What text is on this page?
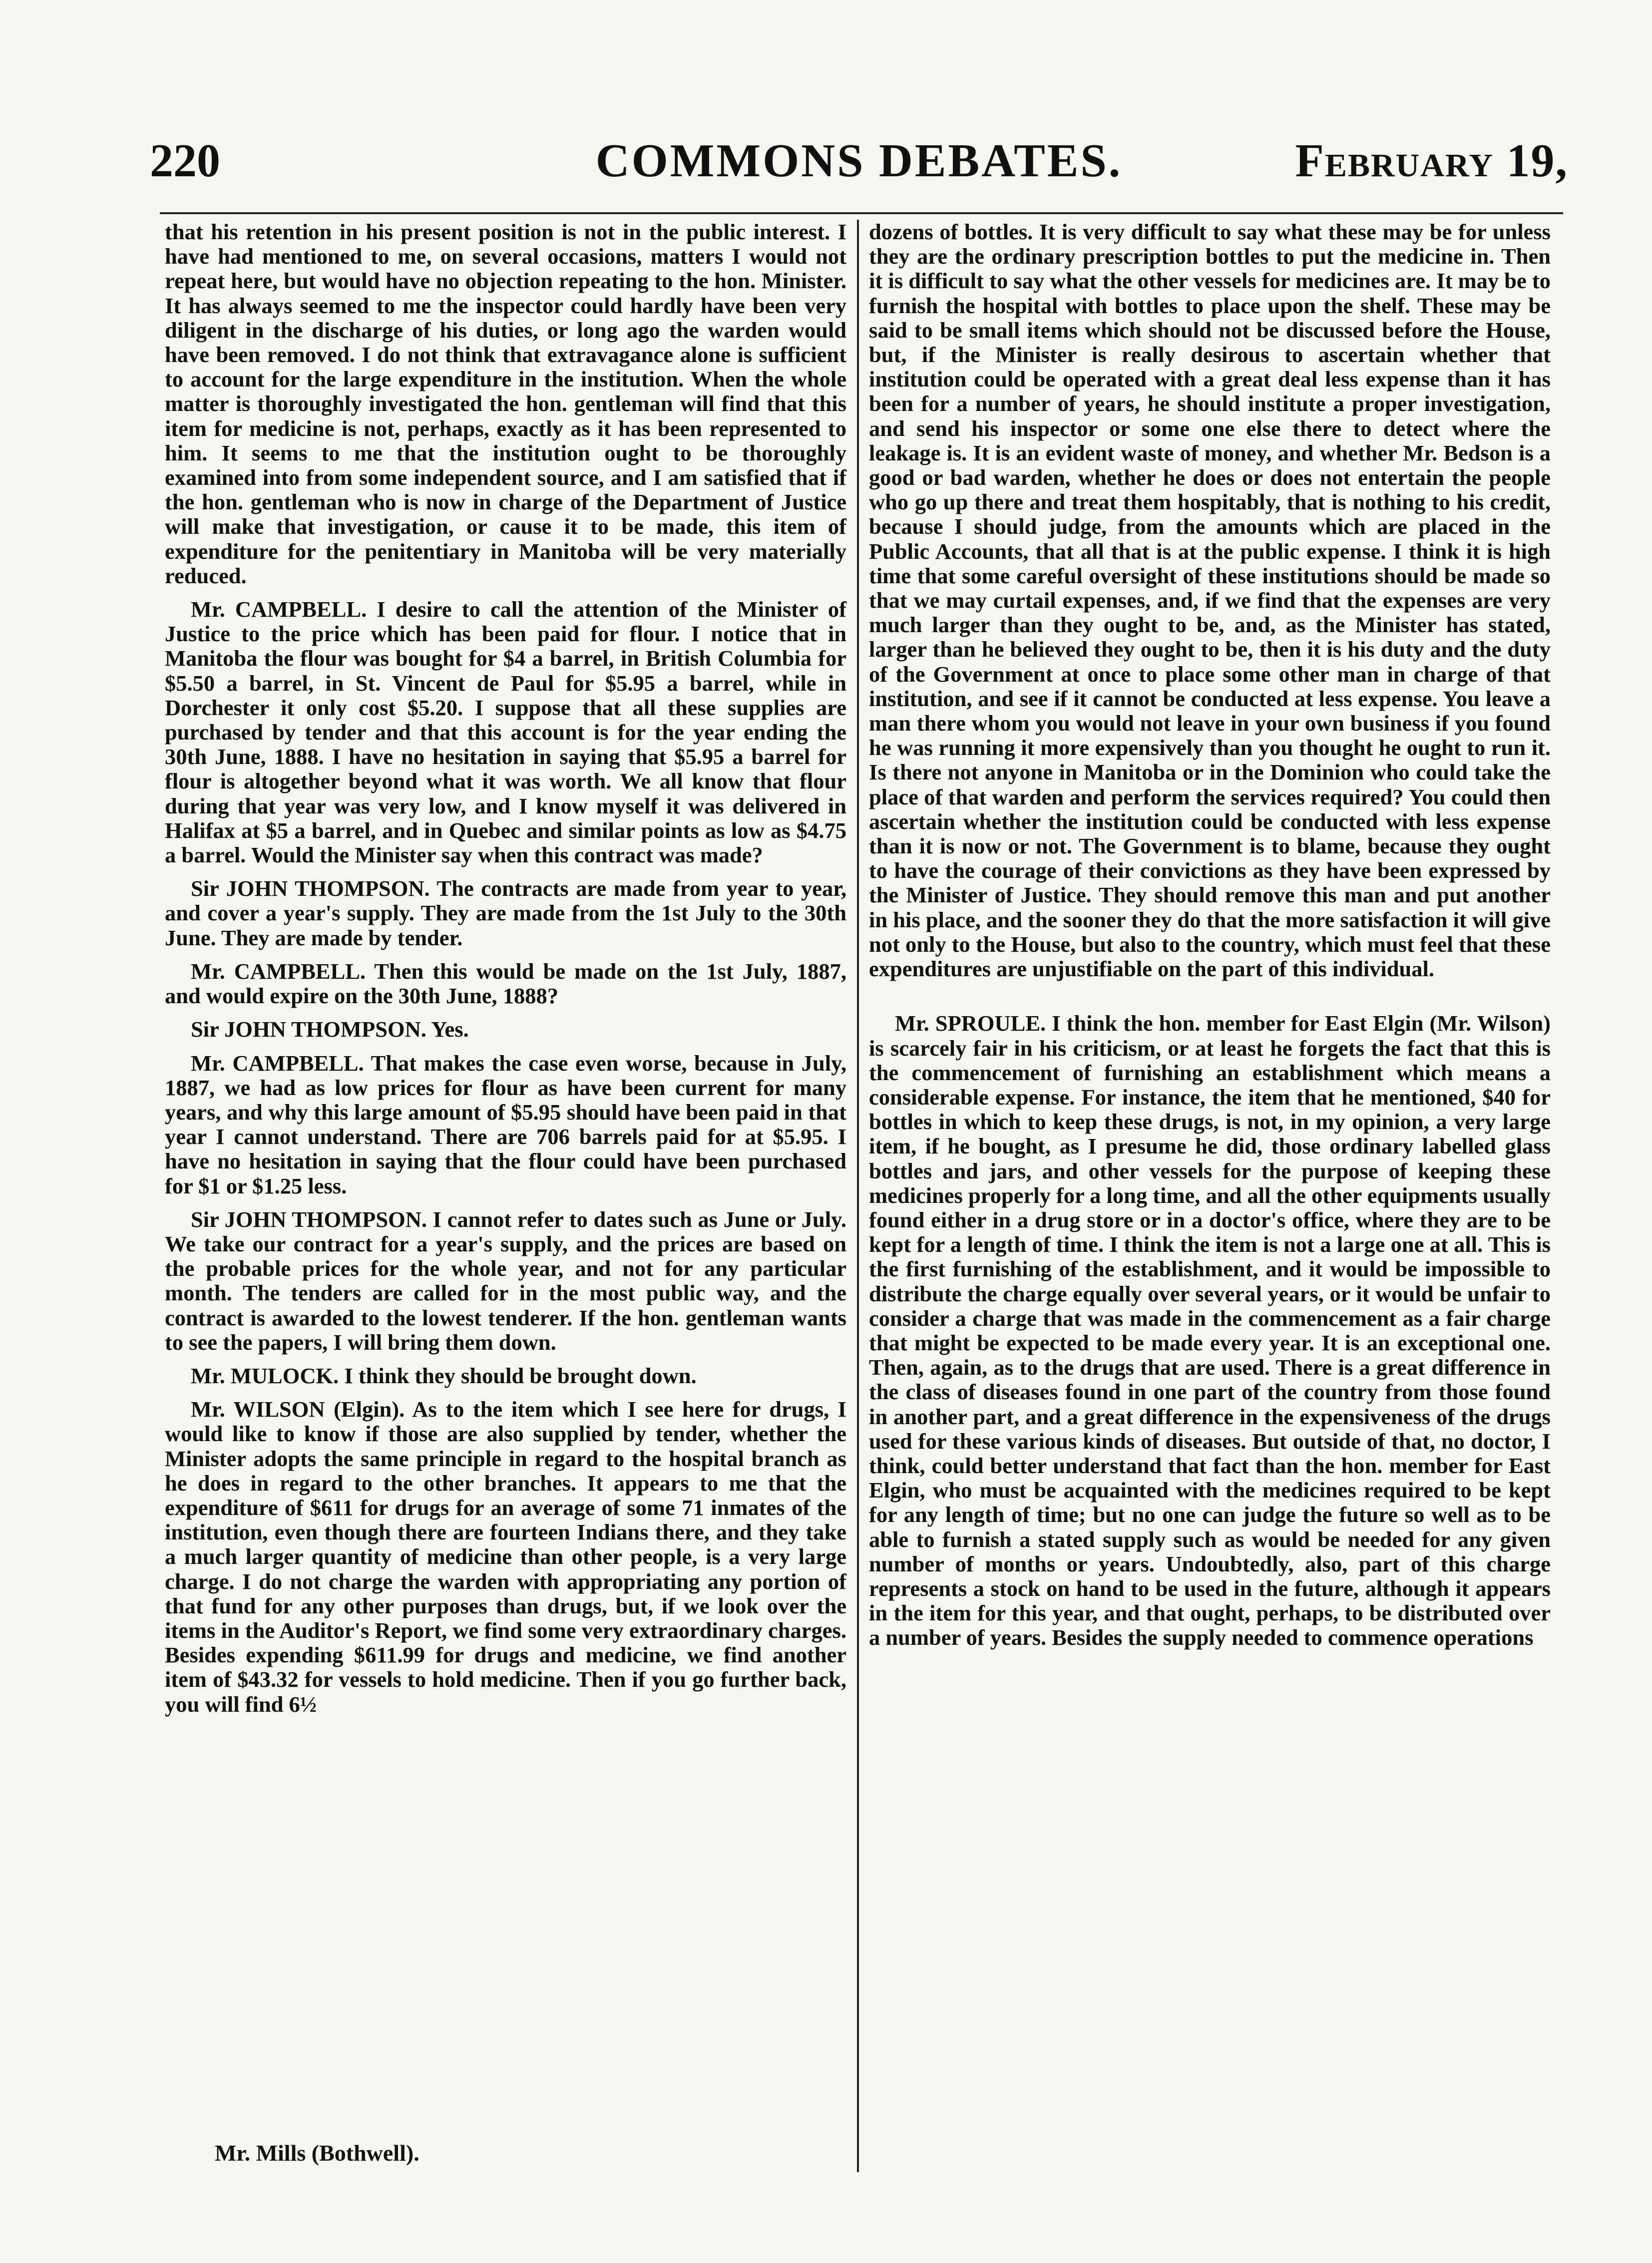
220	COMMONS DEBATES.	February 19,

that his retention in his present position is not in the public interest. I have had mentioned to me, on several occasions, matters I would not repeat here, but would have no objection repeating to the hon. Minister. It has always seemed to me the inspector could hardly have been very diligent in the discharge of his duties, or long ago the warden would have been removed. I do not think that extravagance alone is sufficient to account for the large expenditure in the institution. When the whole matter is thoroughly investigated the hon. gentleman will find that this item for medicine is not, perhaps, exactly as it has been represented to him. It seems to me that the institution ought to be thoroughly examined into from some independent source, and I am satisfied that if the hon. gentleman who is now in charge of the Department of Justice will make that investigation, or cause it to be made, this item of expenditure for the penitentiary in Manitoba will be very materially reduced.

Mr. CAMPBELL. I desire to call the attention of the Minister of Justice to the price which has been paid for flour. I notice that in Manitoba the flour was bought for $4 a barrel, in British Columbia for $5.50 a barrel, in St. Vincent de Paul for $5.95 a barrel, while in Dorchester it only cost $5.20. I suppose that all these supplies are purchased by tender and that this account is for the year ending the 30th June, 1888. I have no hesitation in saying that $5.95 a barrel for flour is altogether beyond what it was worth. We all know that flour during that year was very low, and I know myself it was delivered in Halifax at $5 a barrel, and in Quebec and similar points as low as $4.75 a barrel. Would the Minister say when this contract was made?

Sir JOHN THOMPSON. The contracts are made from year to year, and cover a year's supply. They are made from the 1st July to the 30th June. They are made by tender.

Mr. CAMPBELL. Then this would be made on the 1st July, 1887, and would expire on the 30th June, 1888?

Sir JOHN THOMPSON. Yes.

Mr. CAMPBELL. That makes the case even worse, because in July, 1887, we had as low prices for flour as have been current for many years, and why this large amount of $5.95 should have been paid in that year I cannot understand. There are 706 barrels paid for at $5.95. I have no hesitation in saying that the flour could have been purchased for $1 or $1.25 less.

Sir JOHN THOMPSON. I cannot refer to dates such as June or July. We take our contract for a year's supply, and the prices are based on the probable prices for the whole year, and not for any particular month. The tenders are called for in the most public way, and the contract is awarded to the lowest tenderer. If the hon. gentleman wants to see the papers, I will bring them down.

Mr. MULOCK. I think they should be brought down.

Mr. WILSON (Elgin). As to the item which I see here for drugs, I would like to know if those are also supplied by tender, whether the Minister adopts the same principle in regard to the hospital branch as he does in regard to the other branches. It appears to me that the expenditure of $611 for drugs for an average of some 71 inmates of the institution, even though there are fourteen Indians there, and they take a much larger quantity of medicine than other people, is a very large charge. I do not charge the warden with appropriating any portion of that fund for any other purposes than drugs, but, if we look over the items in the Auditor's Report, we find some very extraordinary charges. Besides expending $611.99 for drugs and medicine, we find another item of $43.32 for vessels to hold medicine. Then if you go further back, you will find 6½

dozens of bottles. It is very difficult to say what these may be for unless they are the ordinary prescription bottles to put the medicine in. Then it is difficult to say what the other vessels for medicines are. It may be to furnish the hospital with bottles to place upon the shelf. These may be said to be small items which should not be discussed before the House, but, if the Minister is really desirous to ascertain whether that institution could be operated with a great deal less expense than it has been for a number of years, he should institute a proper investigation, and send his inspector or some one else there to detect where the leakage is. It is an evident waste of money, and whether Mr. Bedson is a good or bad warden, whether he does or does not entertain the people who go up there and treat them hospitably, that is nothing to his credit, because I should judge, from the amounts which are placed in the Public Accounts, that all that is at the public expense. I think it is high time that some careful oversight of these institutions should be made so that we may curtail expenses, and, if we find that the expenses are very much larger than they ought to be, and, as the Minister has stated, larger than he believed they ought to be, then it is his duty and the duty of the Government at once to place some other man in charge of that institution, and see if it cannot be conducted at less expense. You leave a man there whom you would not leave in your own business if you found he was running it more expensively than you thought he ought to run it. Is there not anyone in Manitoba or in the Dominion who could take the place of that warden and perform the services required? You could then ascertain whether the institution could be conducted with less expense than it is now or not. The Government is to blame, because they ought to have the courage of their convictions as they have been expressed by the Minister of Justice. They should remove this man and put another in his place, and the sooner they do that the more satisfaction it will give not only to the House, but also to the country, which must feel that these expenditures are unjustifiable on the part of this individual.

Mr. SPROULE. I think the hon. member for East Elgin (Mr. Wilson) is scarcely fair in his criticism, or at least he forgets the fact that this is the commencement of furnishing an establishment which means a considerable expense. For instance, the item that he mentioned, $40 for bottles in which to keep these drugs, is not, in my opinion, a very large item, if he bought, as I presume he did, those ordinary labelled glass bottles and jars, and other vessels for the purpose of keeping these medicines properly for a long time, and all the other equipments usually found either in a drug store or in a doctor's office, where they are to be kept for a length of time. I think the item is not a large one at all. This is the first furnishing of the establishment, and it would be impossible to distribute the charge equally over several years, or it would be unfair to consider a charge that was made in the commencement as a fair charge that might be expected to be made every year. It is an exceptional one. Then, again, as to the drugs that are used. There is a great difference in the class of diseases found in one part of the country from those found in another part, and a great difference in the expensiveness of the drugs used for these various kinds of diseases. But outside of that, no doctor, I think, could better understand that fact than the hon. member for East Elgin, who must be acquainted with the medicines required to be kept for any length of time; but no one can judge the future so well as to be able to furnish a stated supply such as would be needed for any given number of months or years. Undoubtedly, also, part of this charge represents a stock on hand to be used in the future, although it appears in the item for this year, and that ought, perhaps, to be distributed over a number of years. Besides the supply needed to commence operations

Mr. Mills (Bothwell).
